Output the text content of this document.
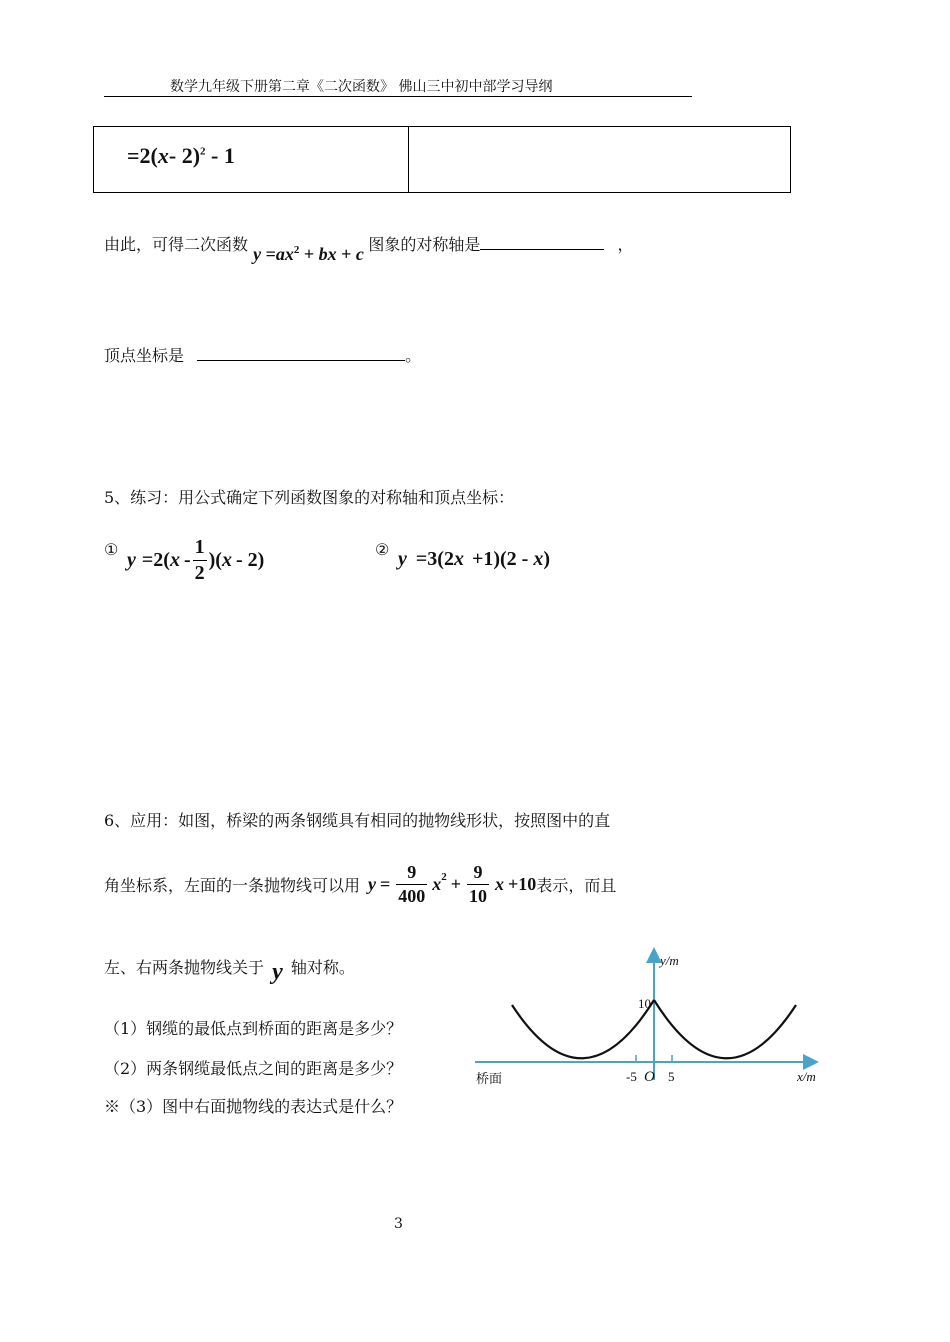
数学九年级下册第二章《二次函数》 佛山三中初中部学习导纲
=2(x- 2)$^2$ - 1
由此，可得二次函数 $y =ax^2$ + bx + c 图象的对称轴是	，
顶点坐标是	。
5、练习：用公式确定下列函数图象的对称轴和顶点坐标：
① y =2( x - $\frac{1}{2}$ )( x - 2)	② y =3(2x +1)(2 - x)
6、应用：如图，桥梁的两条钢缆具有相同的抛物线形状，按照图中的直
角坐标系，左面的一条抛物线可以用 $y = \frac{9}{400}$ x $2 + \frac{9}{10}$ x +10 表示，而且
左、右两条抛物线关于 y 轴对称。
（1）钢缆的最低点到桥面的距离是多少？
（2）两条钢缆最低点之间的距离是多少？
※（3）图中右面抛物线的表达式是什么？
y/m
10
桥面	-5 O 5	x/m
3
